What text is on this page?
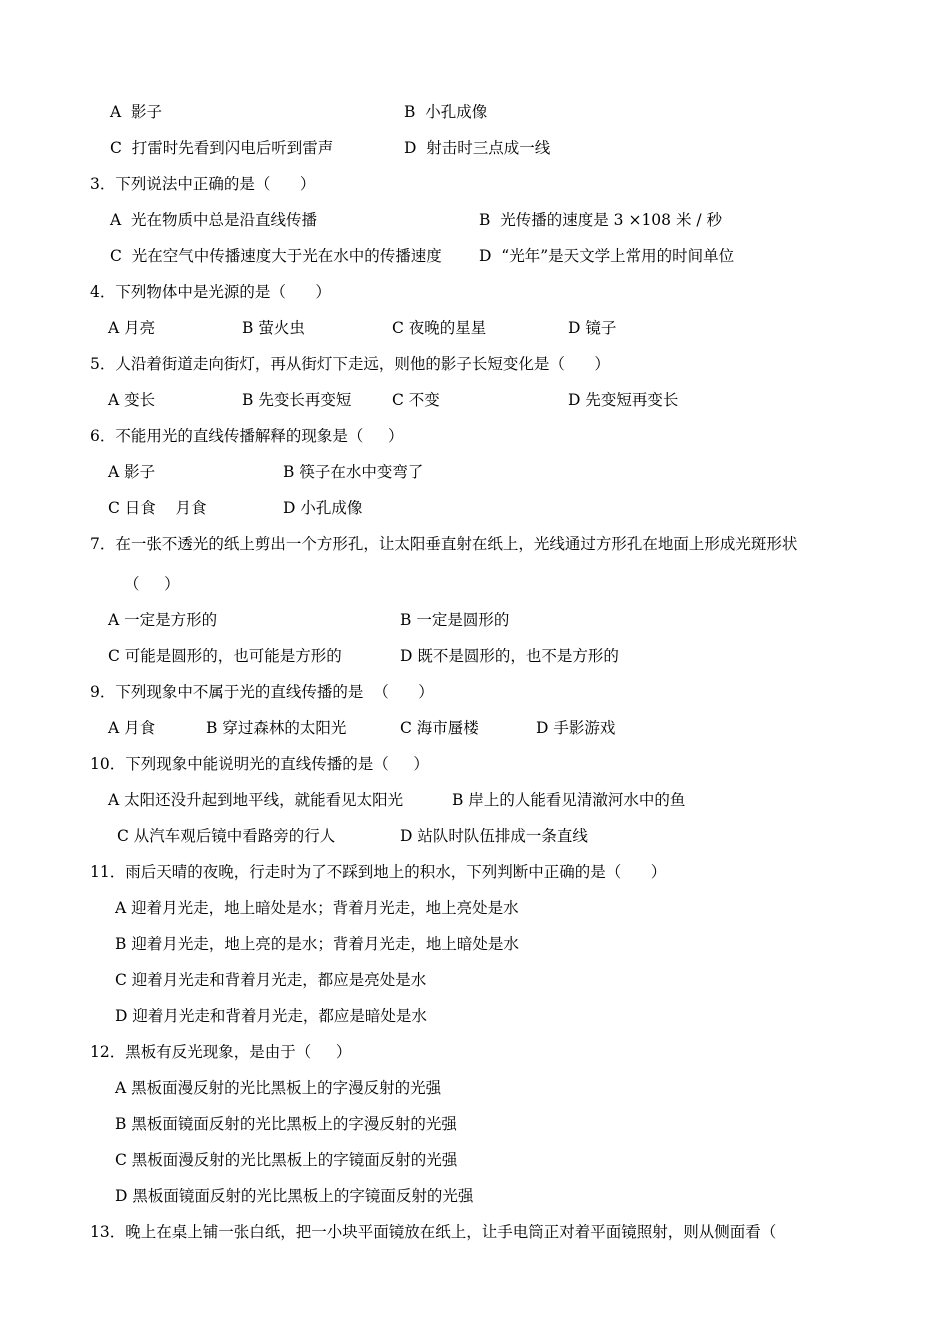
A  影子	B  小孔成像
C  打雷时先看到闪电后听到雷声	D  射击时三点成一线
3．下列说法中正确的是（      ）
A  光在物质中总是沿直线传播	B  光传播的速度是 3 ×108 米 / 秒
C  光在空气中传播速度大于光在水中的传播速度 D  “光年”是天文学上常用的时间单位
4．下列物体中是光源的是（      ）
A 月亮	B 萤火虫	C 夜晚的星星	D 镜子
5．人沿着街道走向街灯，再从街灯下走远，则他的影子长短变化是（      ）
A 变长	B 先变长再变短	C 不变	D 先变短再变长
6．不能用光的直线传播解释的现象是（     ）
A 影子	B 筷子在水中变弯了
C 日食    月食	D 小孔成像
7．在一张不透光的纸上剪出一个方形孔，让太阳垂直射在纸上，光线通过方形孔在地面上形成光斑形状
（     ）
A 一定是方形的	B 一定是圆形的
C 可能是圆形的，也可能是方形的	D 既不是圆形的，也不是方形的
9．下列现象中不属于光的直线传播的是  （      ）
A 月食	B 穿过森林的太阳光	C 海市蜃楼	D 手影游戏
10．下列现象中能说明光的直线传播的是（     ）
A 太阳还没升起到地平线，就能看见太阳光	B 岸上的人能看见清澈河水中的鱼
C 从汽车观后镜中看路旁的行人	D 站队时队伍排成一条直线
11．雨后天晴的夜晚，行走时为了不踩到地上的积水，下列判断中正确的是（      ）
A 迎着月光走，地上暗处是水；背着月光走，地上亮处是水
B 迎着月光走，地上亮的是水；背着月光走，地上暗处是水
C 迎着月光走和背着月光走，都应是亮处是水
D 迎着月光走和背着月光走，都应是暗处是水
12．黑板有反光现象，是由于（     ）
A 黑板面漫反射的光比黑板上的字漫反射的光强
B 黑板面镜面反射的光比黑板上的字漫反射的光强
C 黑板面漫反射的光比黑板上的字镜面反射的光强
D 黑板面镜面反射的光比黑板上的字镜面反射的光强
13．晚上在桌上铺一张白纸，把一小块平面镜放在纸上，让手电筒正对着平面镜照射，则从侧面看（
